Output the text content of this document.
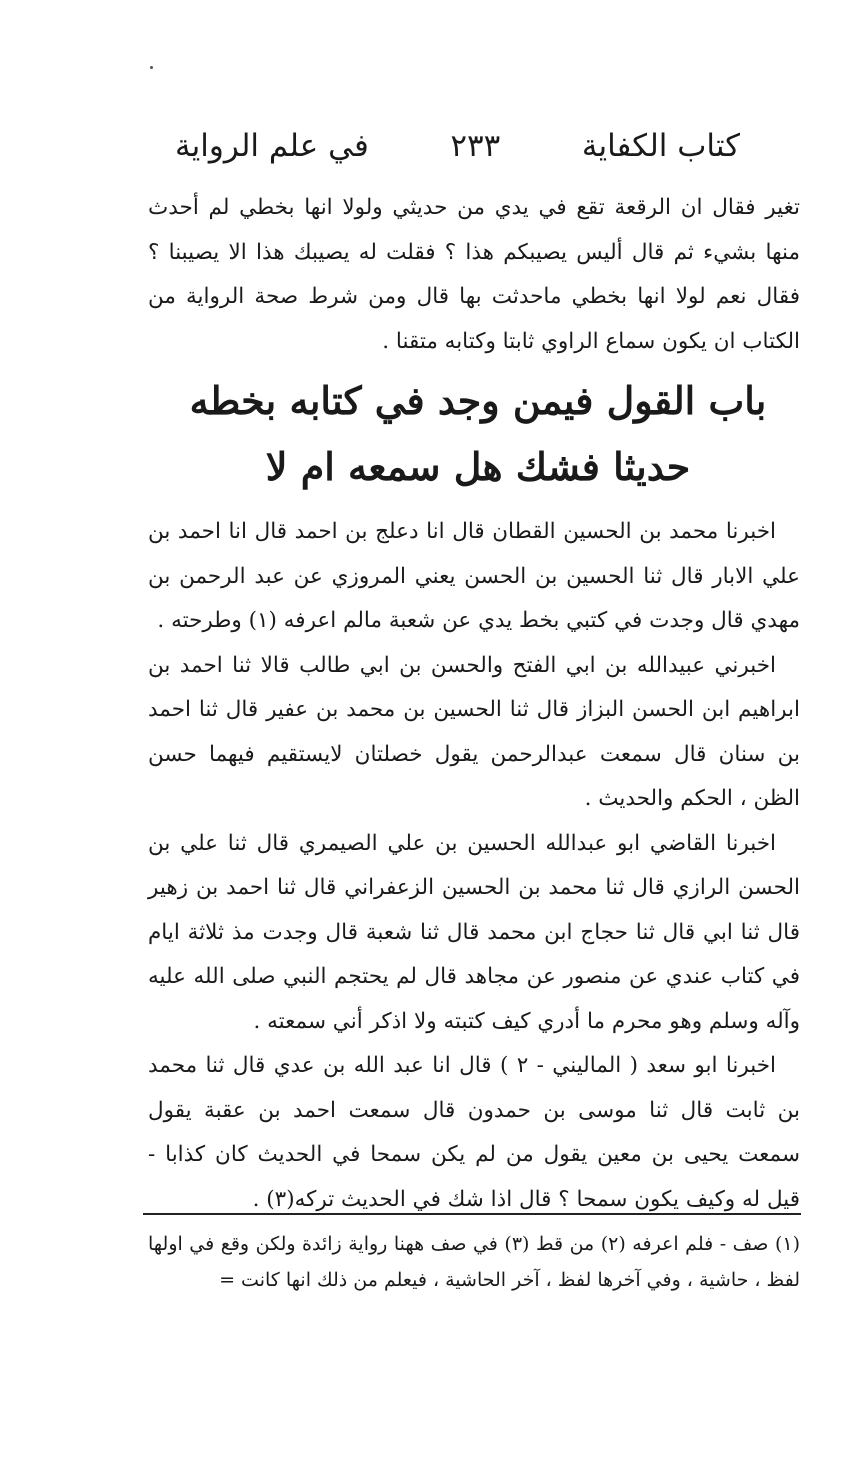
كتاب الكفاية
٢٣٣
في علم الرواية

تغير فقال ان الرقعة تقع في يدي من حديثي ولولا انها بخطي لم أحدث منها بشيء ثم قال أليس يصيبكم هذا ؟ فقلت له يصيبك هذا الا يصيبنا ؟ فقال نعم لولا انها بخطي ماحدثت بها قال ومن شرط صحة الرواية من الكتاب ان يكون سماع الراوي ثابتا وكتابه متقنا .

باب القول فيمن وجد في كتابه بخطه
حديثا فشك هل سمعه ام لا

اخبرنا محمد بن الحسين القطان قال انا دعلج بن احمد قال انا احمد بن علي الابار قال ثنا الحسين بن الحسن يعني المروزي عن عبد الرحمن بن مهدي قال وجدت في كتبي بخط يدي عن شعبة مالم اعرفه (١) وطرحته .

اخبرني عبيدالله بن ابي الفتح والحسن بن ابي طالب قالا ثنا احمد بن ابراهيم ابن الحسن البزاز قال ثنا الحسين بن محمد بن عفير قال ثنا احمد بن سنان قال سمعت عبدالرحمن يقول خصلتان لايستقيم فيهما حسن الظن ، الحكم والحديث .

اخبرنا القاضي ابو عبدالله الحسين بن علي الصيمري قال ثنا علي بن الحسن الرازي قال ثنا محمد بن الحسين الزعفراني قال ثنا احمد بن زهير قال ثنا ابي قال ثنا حجاج ابن محمد قال ثنا شعبة قال وجدت مذ ثلاثة ايام في كتاب عندي عن منصور عن مجاهد قال لم يحتجم النبي صلى الله عليه وآله وسلم وهو محرم ما أدري كيف كتبته ولا اذكر أني سمعته .

اخبرنا ابو سعد ( الماليني - ٢ ) قال انا عبد الله بن عدي قال ثنا محمد بن ثابت قال ثنا موسى بن حمدون قال سمعت احمد بن عقبة يقول سمعت يحيى بن معين يقول من لم يكن سمحا في الحديث كان كذابا - قيل له وكيف يكون سمحا ؟ قال اذا شك في الحديث تركه(٣) .

(١) صف - فلم اعرفه (٢) من قط (٣) في صف ههنا رواية زائدة ولكن وقع في اولها لفظ ، حاشية ، وفي آخرها لفظ ، آخر الحاشية ، فيعلم من ذلك انها كانت =
